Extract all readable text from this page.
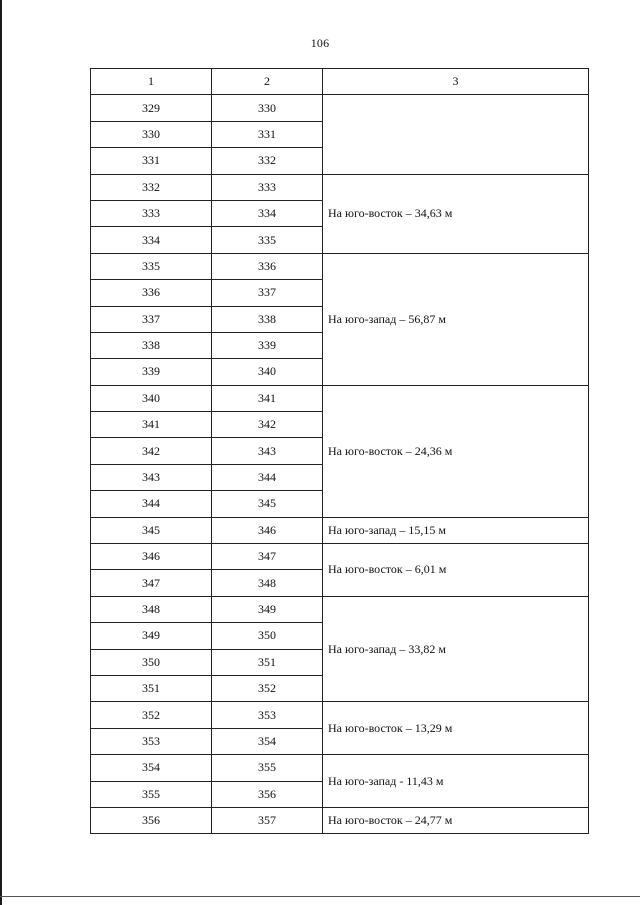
106
1	2	3
329	330	
330	331	
331	332	
332	333	На юго-восток – 34,63 м
333	334	
334	335	
335	336	На юго-запад – 56,87 м
336	337	
337	338	
338	339	
339	340	
340	341	На юго-восток – 24,36 м
341	342	
342	343	
343	344	
344	345	
345	346	На юго-запад – 15,15 м
346	347	На юго-восток – 6,01 м
347	348	
348	349	На юго-запад – 33,82 м
349	350	
350	351	
351	352	
352	353	На юго-восток – 13,29 м
353	354	
354	355	На юго-запад - 11,43 м
355	356	
356	357	На юго-восток – 24,77 м
